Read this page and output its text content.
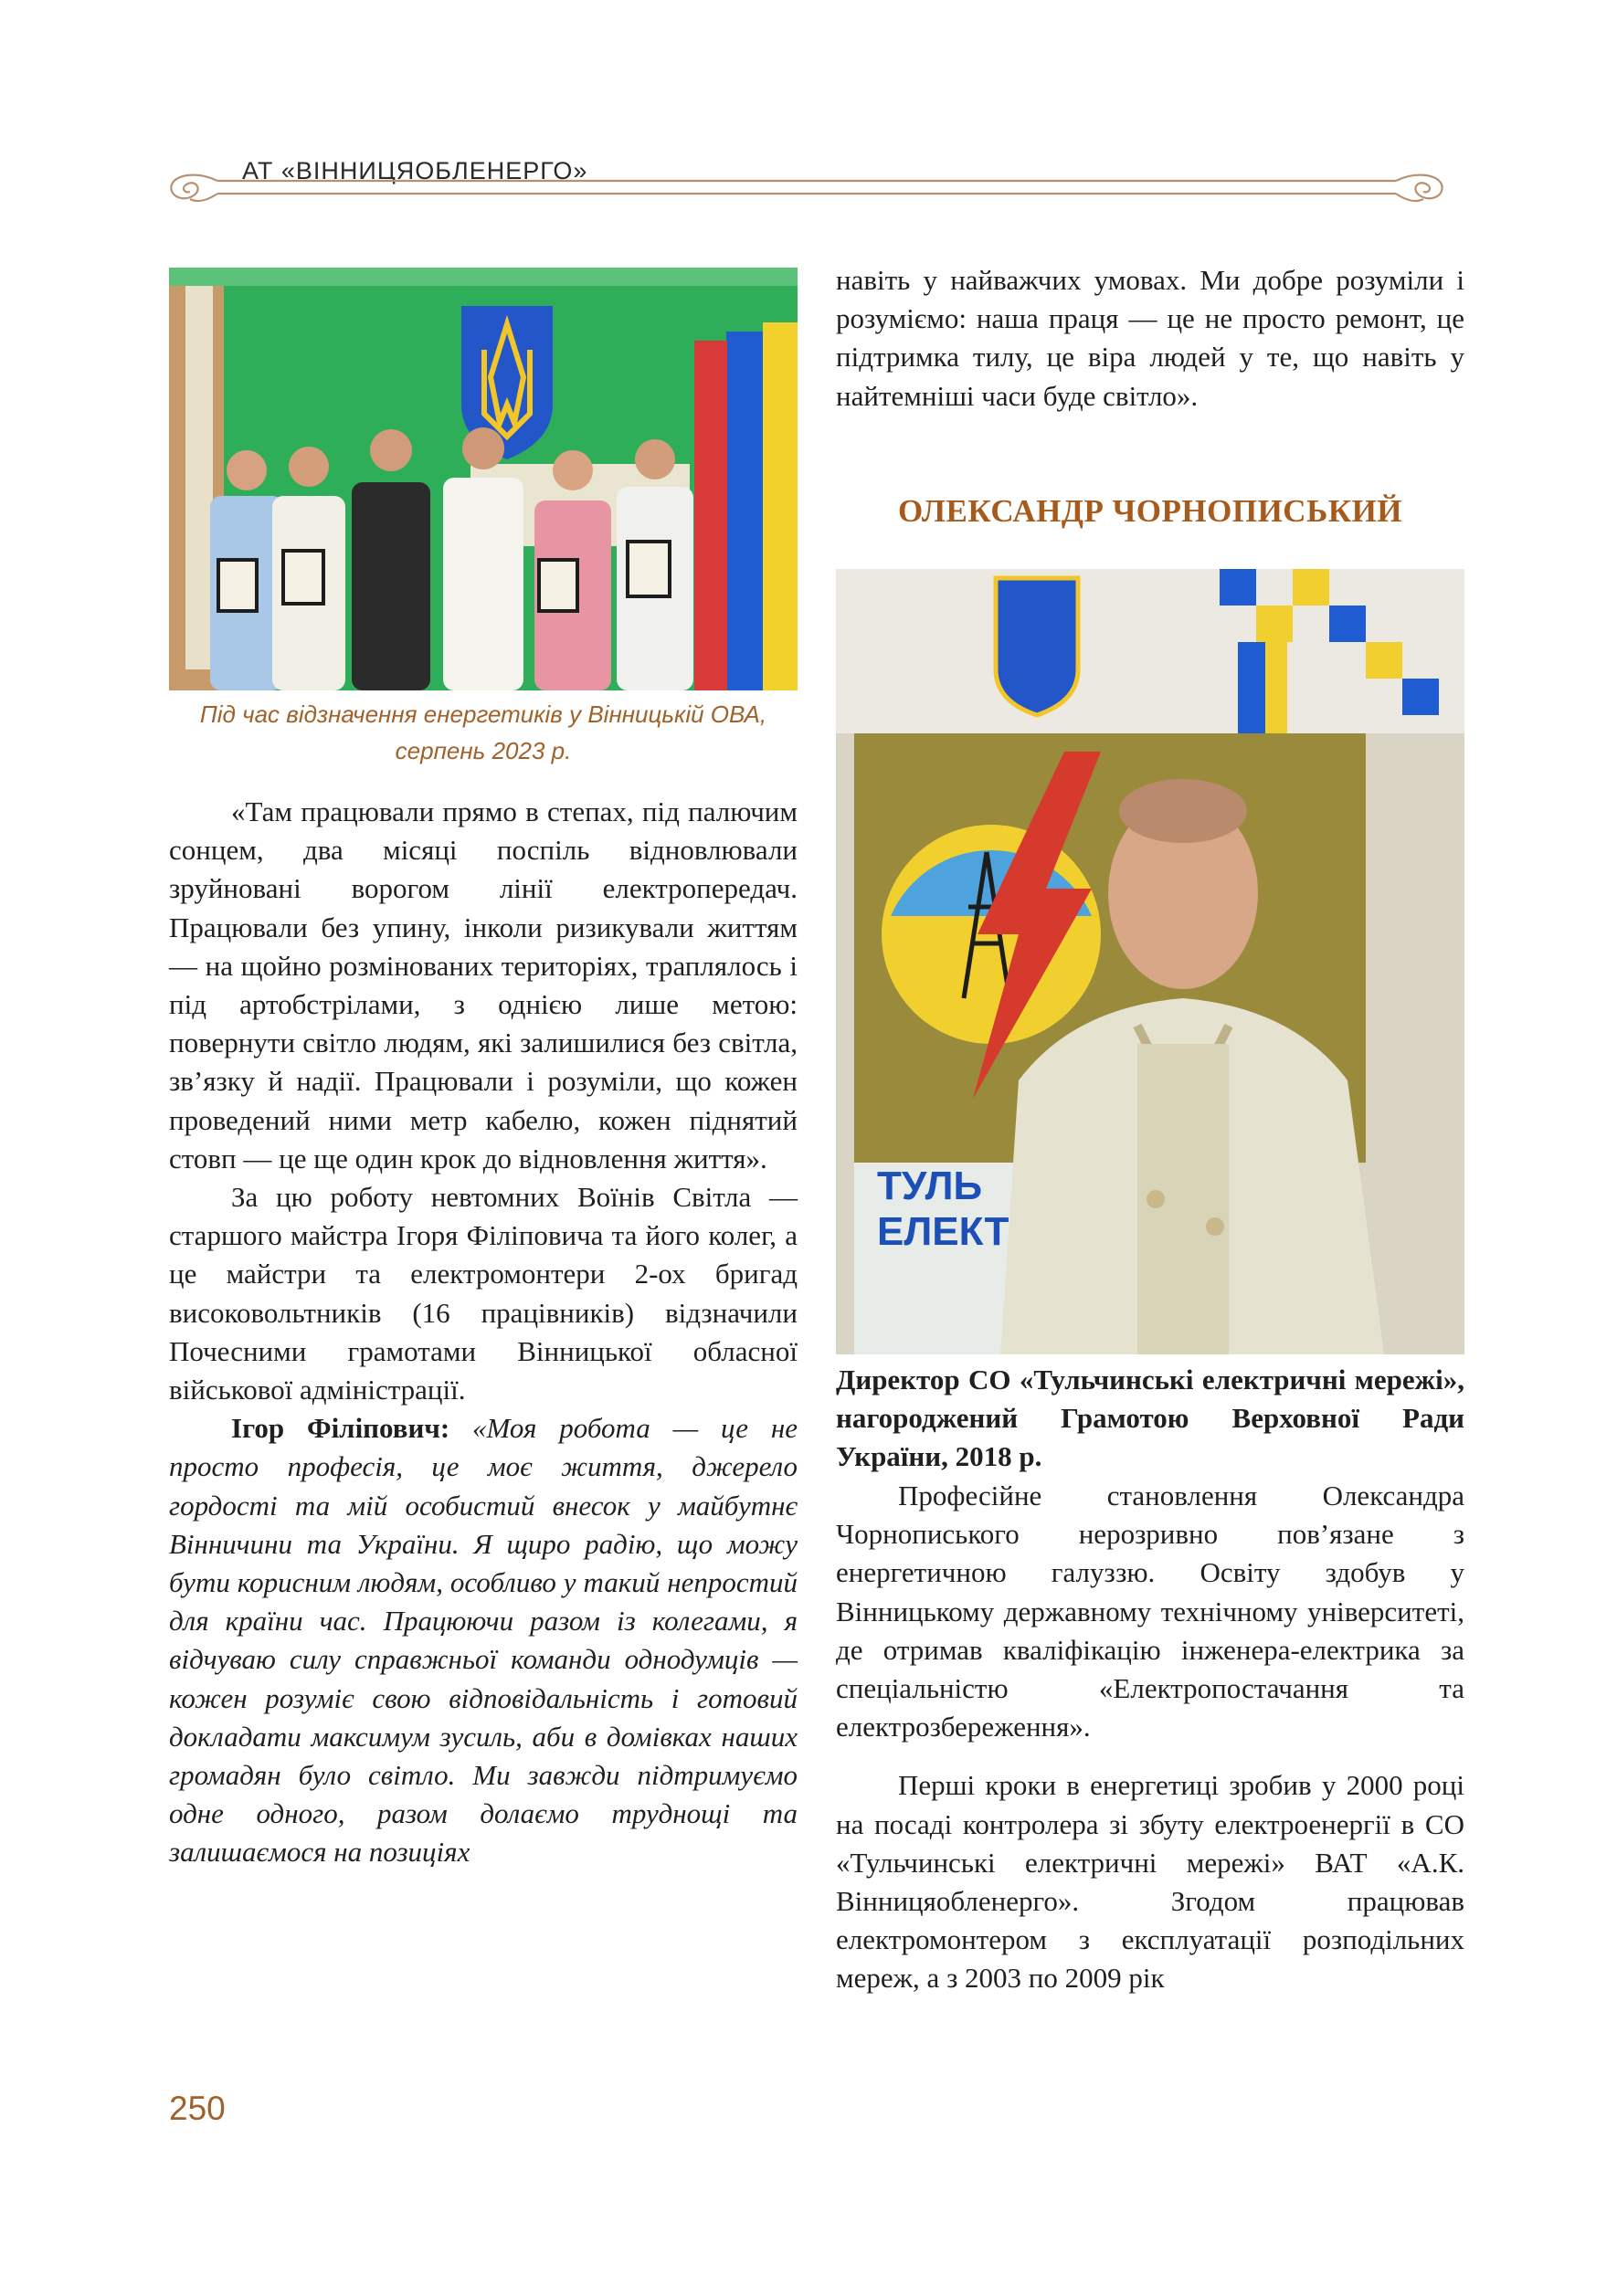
АТ «ВІННИЦЯОБЛЕНЕРГО»
Під час відзначення енергетиків у Вінницькій ОВА,
серпень 2023 р.

«Там працювали прямо в степах, під палючим сонцем, два місяці поспіль відновлювали зруйновані ворогом лінії електропередач. Працювали без упину, інколи ризикували життям — на щойно розмінованих територіях, траплялось і під артобстрілами, з однією лише метою: повернути світло людям, які залишилися без світла, зв’язку й надії. Працювали і розуміли, що кожен проведений ними метр кабелю, кожен піднятий стовп — це ще один крок до відновлення життя».

За цю роботу невтомних Воїнів Світла — старшого майстра Ігоря Філіповича та його колег, а це майстри та електромонтери 2-ох бригад високовольтників (16 працівників) відзначили Почесними грамотами Вінницької обласної військової адміністрації.

Ігор Філіпович: «Моя робота — це не просто професія, це моє життя, джерело гордості та мій особистий внесок у майбутнє Вінничини та України. Я щиро радію, що можу бути корисним людям, особливо у такий непростий для країни час. Працюючи разом із колегами, я відчуваю силу справжньої команди однодумців — кожен розуміє свою відповідальність і готовий докладати максимум зусиль, аби в домівках наших громадян було світло. Ми завжди підтримуємо одне одного, разом долаємо труднощі та залишаємося на позиціях

навіть у найважчих умовах. Ми добре розуміли і розуміємо: наша праця — це не просто ремонт, це підтримка тилу, це віра людей у те, що навіть у найтемніші часи буде світло».
ОЛЕКСАНДР ЧОРНОПИСЬКИЙ
ТУЛЬ
ЕЛЕКТ
Директор СО «Тульчинські електричні мережі», нагороджений Грамотою Верховної Ради України, 2018 р.

Професійне становлення Олександра Чорнописького нерозривно пов’язане з енергетичною галуззю. Освіту здобув у Вінницькому державному технічному університеті, де отримав кваліфікацію інженера-електрика за спеціальністю «Електропостачання та електрозбереження».

Перші кроки в енергетиці зробив у 2000 році на посаді контролера зі збуту електроенергії в СО «Тульчинські електричні мережі» ВАТ «А.К. Вінницяобленерго». Згодом працював електромонтером з експлуатації розподільних мереж, а з 2003 по 2009 рік

250
